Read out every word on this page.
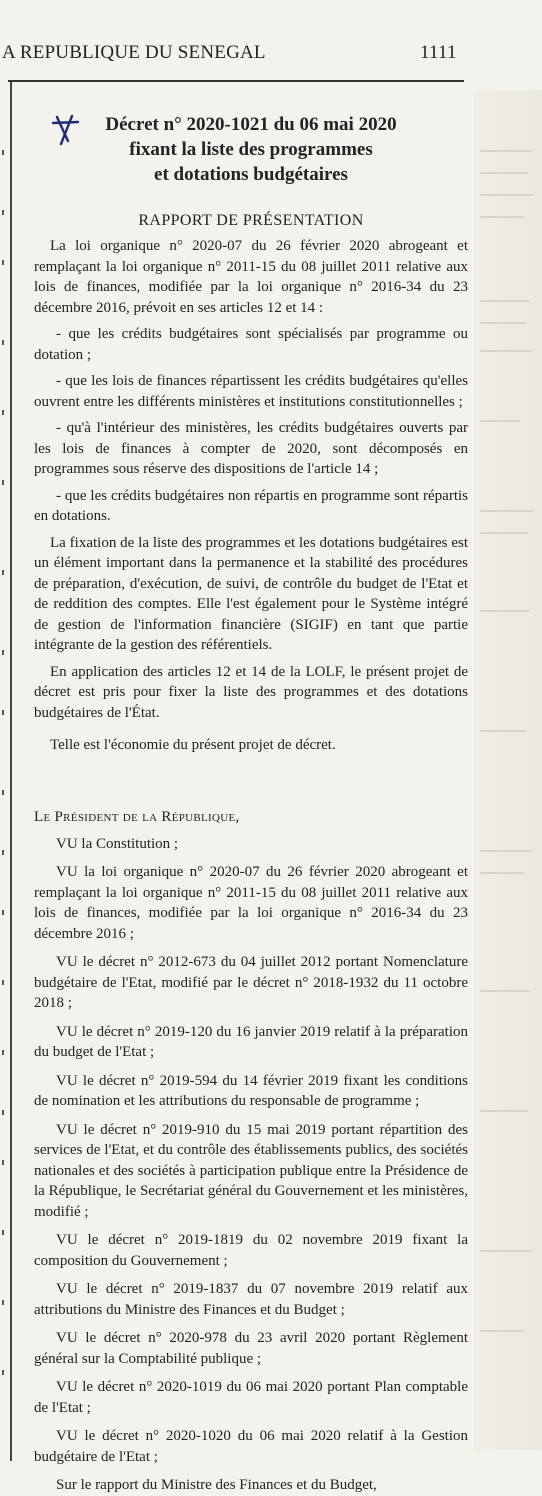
A REPUBLIQUE DU SENEGAL	1111
Décret n° 2020-1021 du 06 mai 2020
fixant la liste des programmes
et dotations budgétaires
RAPPORT DE PRÉSENTATION

La loi organique n° 2020-07 du 26 février 2020 abrogeant et remplaçant la loi organique n° 2011-15 du 08 juillet 2011 relative aux lois de finances, modifiée par la loi organique n° 2016-34 du 23 décembre 2016, prévoit en ses articles 12 et 14 :

- que les crédits budgétaires sont spécialisés par programme ou dotation ;

- que les lois de finances répartissent les crédits budgétaires qu'elles ouvrent entre les différents ministères et institutions constitutionnelles ;

- qu'à l'intérieur des ministères, les crédits budgétaires ouverts par les lois de finances à compter de 2020, sont décomposés en programmes sous réserve des dispositions de l'article 14 ;

- que les crédits budgétaires non répartis en programme sont répartis en dotations.

La fixation de la liste des programmes et les dotations budgétaires est un élément important dans la permanence et la stabilité des procédures de préparation, d'exécution, de suivi, de contrôle du budget de l'Etat et de reddition des comptes. Elle l'est également pour le Système intégré de gestion de l'information financière (SIGIF) en tant que partie intégrante de la gestion des référentiels.

En application des articles 12 et 14 de la LOLF, le présent projet de décret est pris pour fixer la liste des programmes et des dotations budgétaires de l'État.

Telle est l'économie du présent projet de décret.

Le Président de la République,

VU la Constitution ;

VU la loi organique n° 2020-07 du 26 février 2020 abrogeant et remplaçant la loi organique n° 2011-15 du 08 juillet 2011 relative aux lois de finances, modifiée par la loi organique n° 2016-34 du 23 décembre 2016 ;

VU le décret n° 2012-673 du 04 juillet 2012 portant Nomenclature budgétaire de l'Etat, modifié par le décret n° 2018-1932 du 11 octobre 2018 ;

VU le décret n° 2019-120 du 16 janvier 2019 relatif à la préparation du budget de l'Etat ;

VU le décret n° 2019-594 du 14 février 2019 fixant les conditions de nomination et les attributions du responsable de programme ;

VU le décret n° 2019-910 du 15 mai 2019 portant répartition des services de l'Etat, et du contrôle des établissements publics, des sociétés nationales et des sociétés à participation publique entre la Présidence de la République, le Secrétariat général du Gouvernement et les ministères, modifié ;

VU le décret n° 2019-1819 du 02 novembre 2019 fixant la composition du Gouvernement ;

VU le décret n° 2019-1837 du 07 novembre 2019 relatif aux attributions du Ministre des Finances et du Budget ;

VU le décret n° 2020-978 du 23 avril 2020 portant Règlement général sur la Comptabilité publique ;

VU le décret n° 2020-1019 du 06 mai 2020 portant Plan comptable de l'Etat ;

VU le décret n° 2020-1020 du 06 mai 2020 relatif à la Gestion budgétaire de l'Etat ;

Sur le rapport du Ministre des Finances et du Budget,
